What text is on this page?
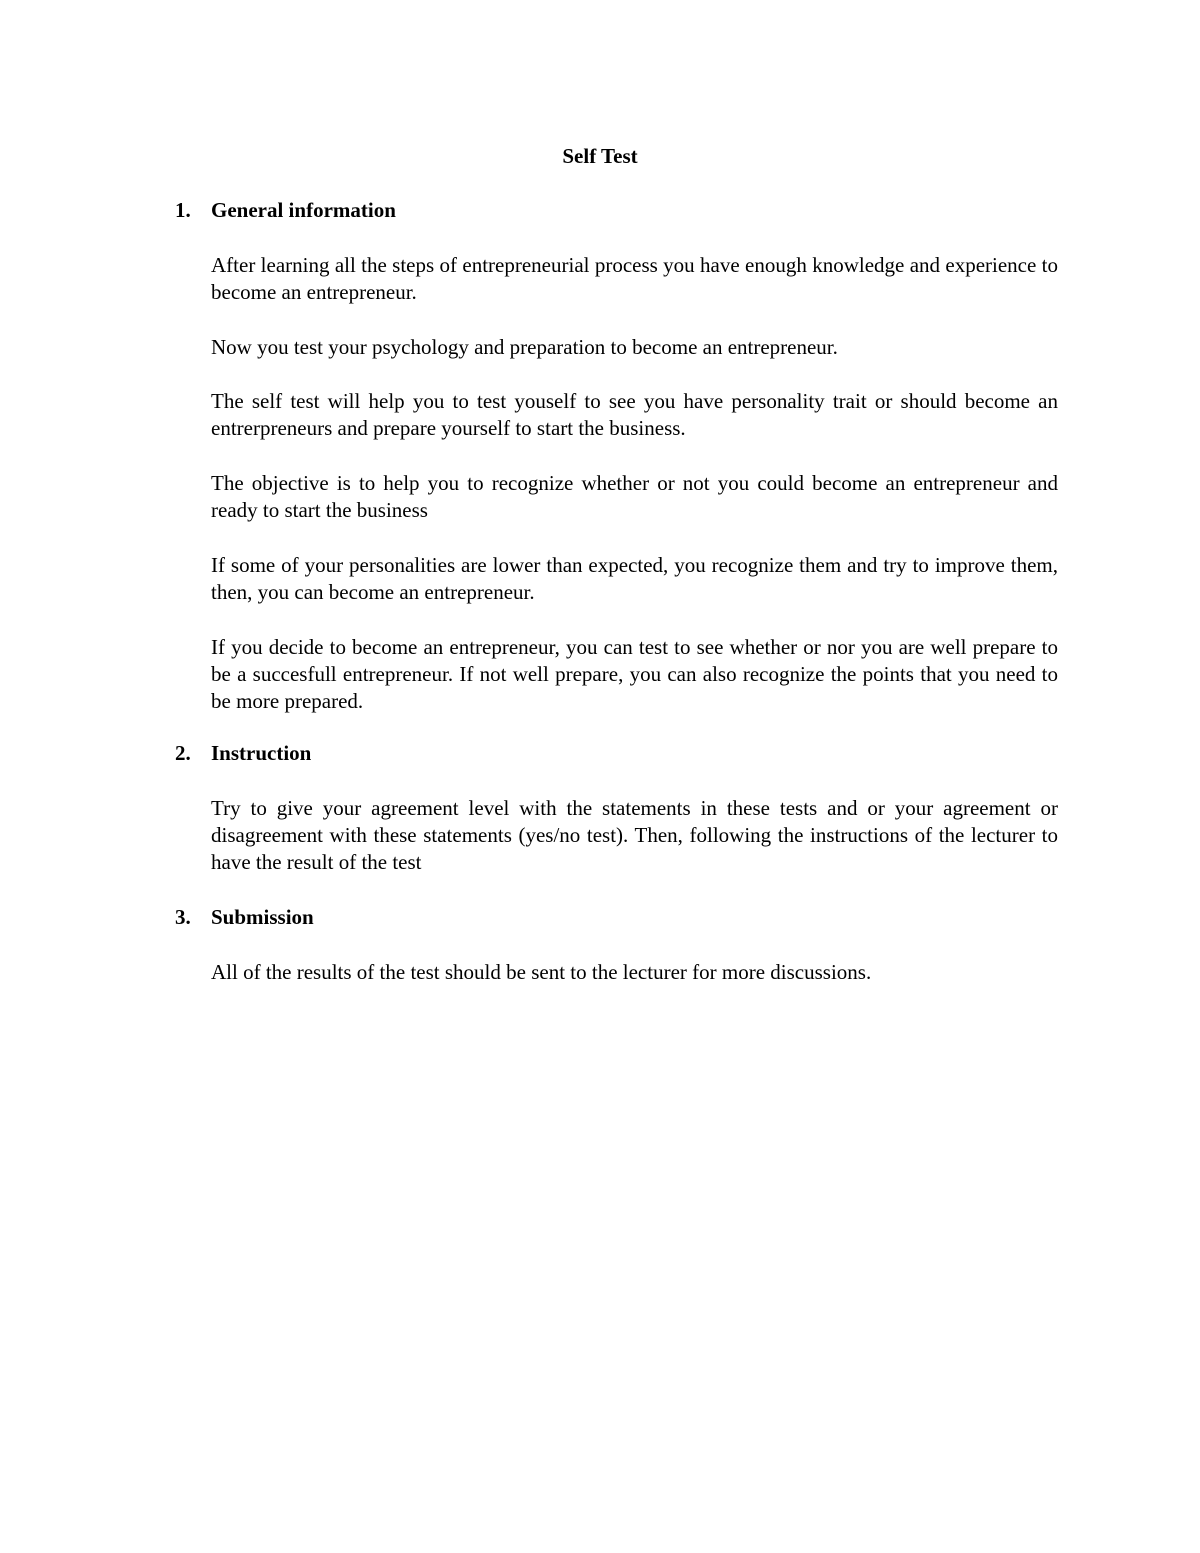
Self Test
1. General information

After learning all the steps of entrepreneurial process you have enough knowledge and experience to become an entrepreneur.

Now you test your psychology and preparation to become an entrepreneur.

The self test will help you to test youself to see you have personality trait or should become an entrerpreneurs and prepare yourself to start the business.

The objective is to help you to recognize whether or not you could become an entrepreneur and ready to start the business

If some of your personalities are lower than expected, you recognize them and try to improve them, then, you can become an entrepreneur.

If you decide to become an entrepreneur, you can test to see whether or nor you are well prepare to be a succesfull entrepreneur. If not well prepare, you can also recognize the points that you need to be more prepared.

2. Instruction

Try to give your agreement level with the statements in these tests and or your agreement or disagreement with these statements (yes/no test). Then, following the instructions of the lecturer to have the result of the test

3. Submission

All of the results of the test should be sent to the lecturer for more discussions.
